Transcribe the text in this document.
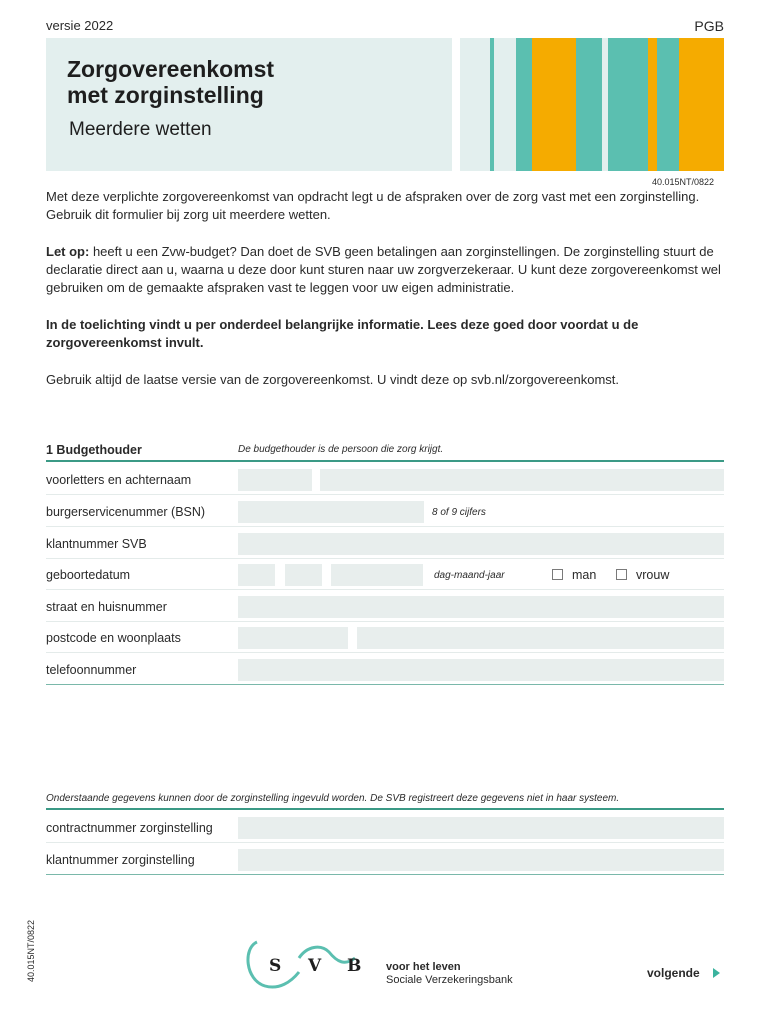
versie 2022	PGB
Zorgovereenkomst
met zorginstelling
Meerdere wetten
40.015NT/0822
Met deze verplichte zorgovereenkomst van opdracht legt u de afspraken over de zorg vast met een zorginstelling. Gebruik dit formulier bij zorg uit meerdere wetten.
Let op: heeft u een Zvw-budget? Dan doet de SVB geen betalingen aan zorginstellingen. De zorginstelling stuurt de declaratie direct aan u, waarna u deze door kunt sturen naar uw zorgverzekeraar. U kunt deze zorgovereenkomst wel gebruiken om de gemaakte afspraken vast te leggen voor uw eigen administratie.
In de toelichting vindt u per onderdeel belangrijke informatie. Lees deze goed door voordat u de zorgovereenkomst invult.
Gebruik altijd de laatse versie van de zorgovereenkomst. U vindt deze op svb.nl/zorgovereenkomst.
1 Budgethouder	De budgethouder is de persoon die zorg krijgt.
voorletters en achternaam
burgerservicenummer (BSN)	8 of 9 cijfers
klantnummer SVB
geboortedatum	dag-maand-jaar	man	vrouw
straat en huisnummer
postcode en woonplaats
telefoonnummer
Onderstaande gegevens kunnen door de zorginstelling ingevuld worden. De SVB registreert deze gegevens niet in haar systeem.
contractnummer zorginstelling
klantnummer zorginstelling
40.015NT/0822	S V B voor het leven
Sociale Verzekeringsbank	volgende
